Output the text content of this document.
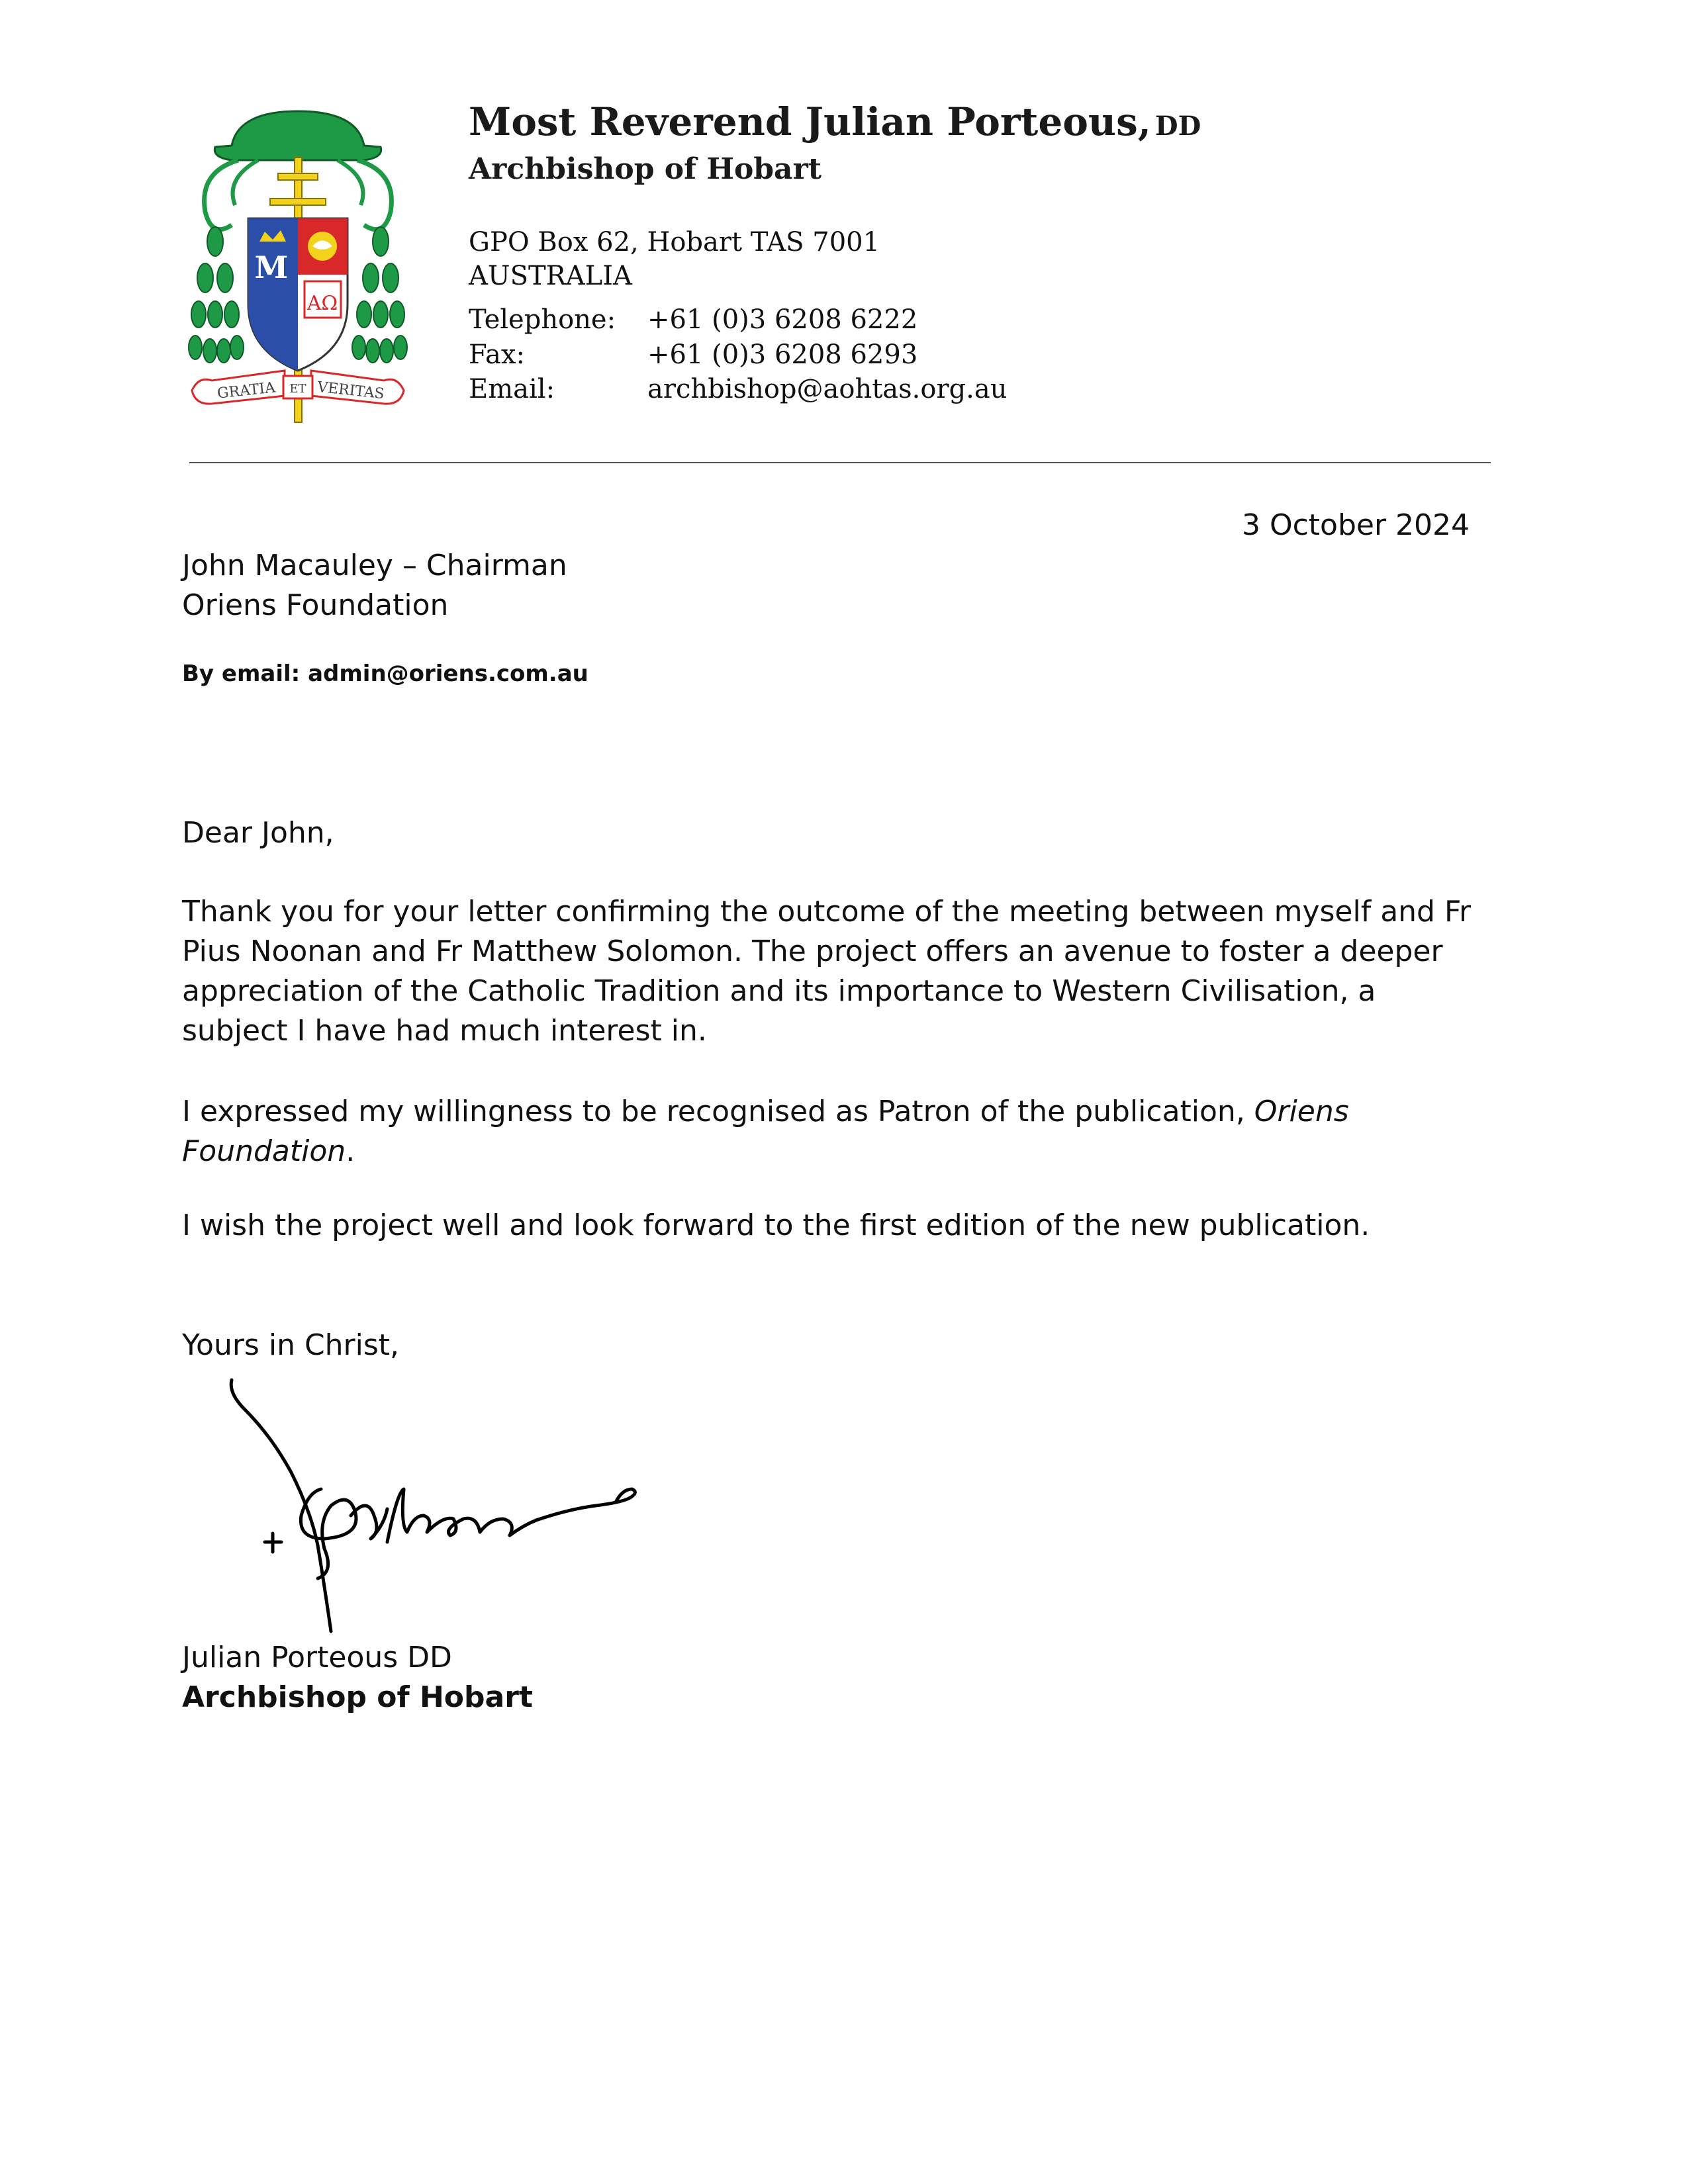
M
AΩ
GRATIA ET VERITAS
Most Reverend Julian Porteous, DD
Archbishop of Hobart
GPO Box 62, Hobart TAS 7001
AUSTRALIA
Telephone: +61 (0)3 6208 6222
Fax:	+61 (0)3 6208 6293
Email:	archbishop@aohtas.org.au
3 October 2024
John Macauley – Chairman
Oriens Foundation
By email: admin@oriens.com.au
Dear John,
Thank you for your letter confirming the outcome of the meeting between myself and Fr
Pius Noonan and Fr Matthew Solomon. The project offers an avenue to foster a deeper
appreciation of the Catholic Tradition and its importance to Western Civilisation, a
subject I have had much interest in.
I expressed my willingness to be recognised as Patron of the publication, Oriens
Foundation.
I wish the project well and look forward to the first edition of the new publication.
Yours in Christ,
Julian Porteous DD
Archbishop of Hobart
